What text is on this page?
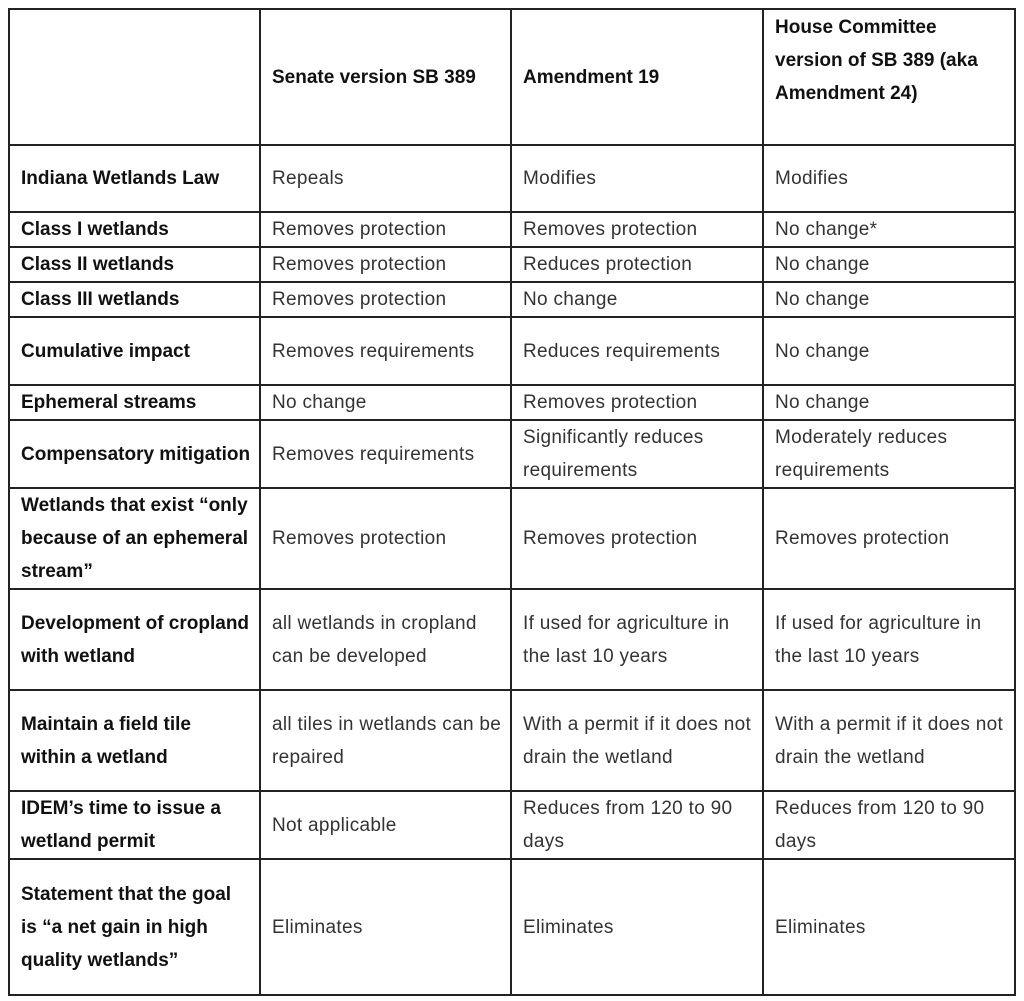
	Senate version SB 389	Amendment 19	House Committee version of SB 389 (aka Amendment 24)
Indiana Wetlands Law	Repeals	Modifies	Modifies
Class I wetlands	Removes protection	Removes protection	No change*
Class II wetlands	Removes protection	Reduces protection	No change
Class III wetlands	Removes protection	No change	No change
Cumulative impact	Removes requirements	Reduces requirements	No change
Ephemeral streams	No change	Removes protection	No change
Compensatory mitigation	Removes requirements	Significantly reduces requirements	Moderately reduces requirements
Wetlands that exist “only because of an ephemeral stream”	Removes protection	Removes protection	Removes protection
Development of cropland with wetland	all wetlands in cropland can be developed	If used for agriculture in the last 10 years	If used for agriculture in the last 10 years
Maintain a field tile within a wetland	all tiles in wetlands can be repaired	With a permit if it does not drain the wetland	With a permit if it does not drain the wetland
IDEM’s time to issue a wetland permit	Not applicable	Reduces from 120 to 90 days	Reduces from 120 to 90 days
Statement that the goal is “a net gain in high quality wetlands”	Eliminates	Eliminates	Eliminates
